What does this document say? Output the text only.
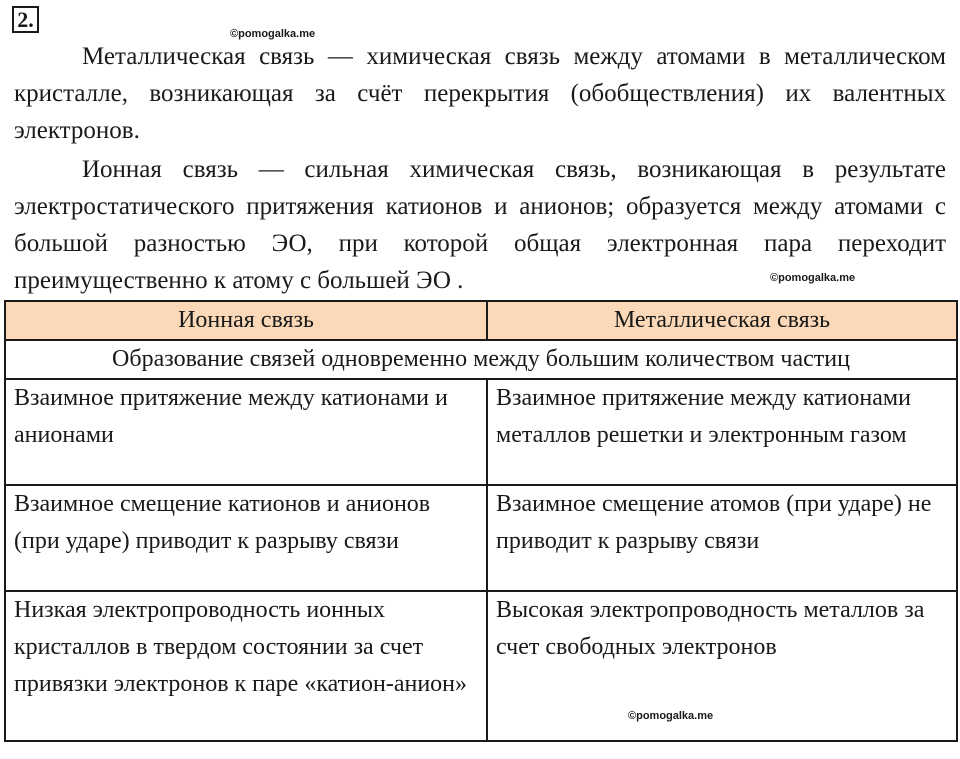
2.
©pomogalka.me

Металлическая связь — химическая связь между атомами в металлическом кристалле, возникающая за счёт перекрытия (обобществления) их валентных электронов.

Ионная связь — сильная химическая связь, возникающая в результате электростатического притяжения катионов и анионов; образуется между атомами с большой разностью ЭО, при которой общая электронная пара переходит преимущественно к атому с большей ЭО .	©pomogalka.me
Ионная связь	Металлическая связь
Образование связей одновременно между большим количеством частиц	
Взаимное притяжение между катионами и анионами	Взаимное притяжение между катионами металлов решетки и электронным газом
Взаимное смещение катионов и анионов (при ударе) приводит к разрыву связи	Взаимное смещение атомов (при ударе) не приводит к разрыву связи
Низкая электропроводность ионных кристаллов в твердом состоянии за счет привязки электронов к паре «катион-анион»	Высокая электропроводность металлов за счет свободных электронов
©pomogalka.me
